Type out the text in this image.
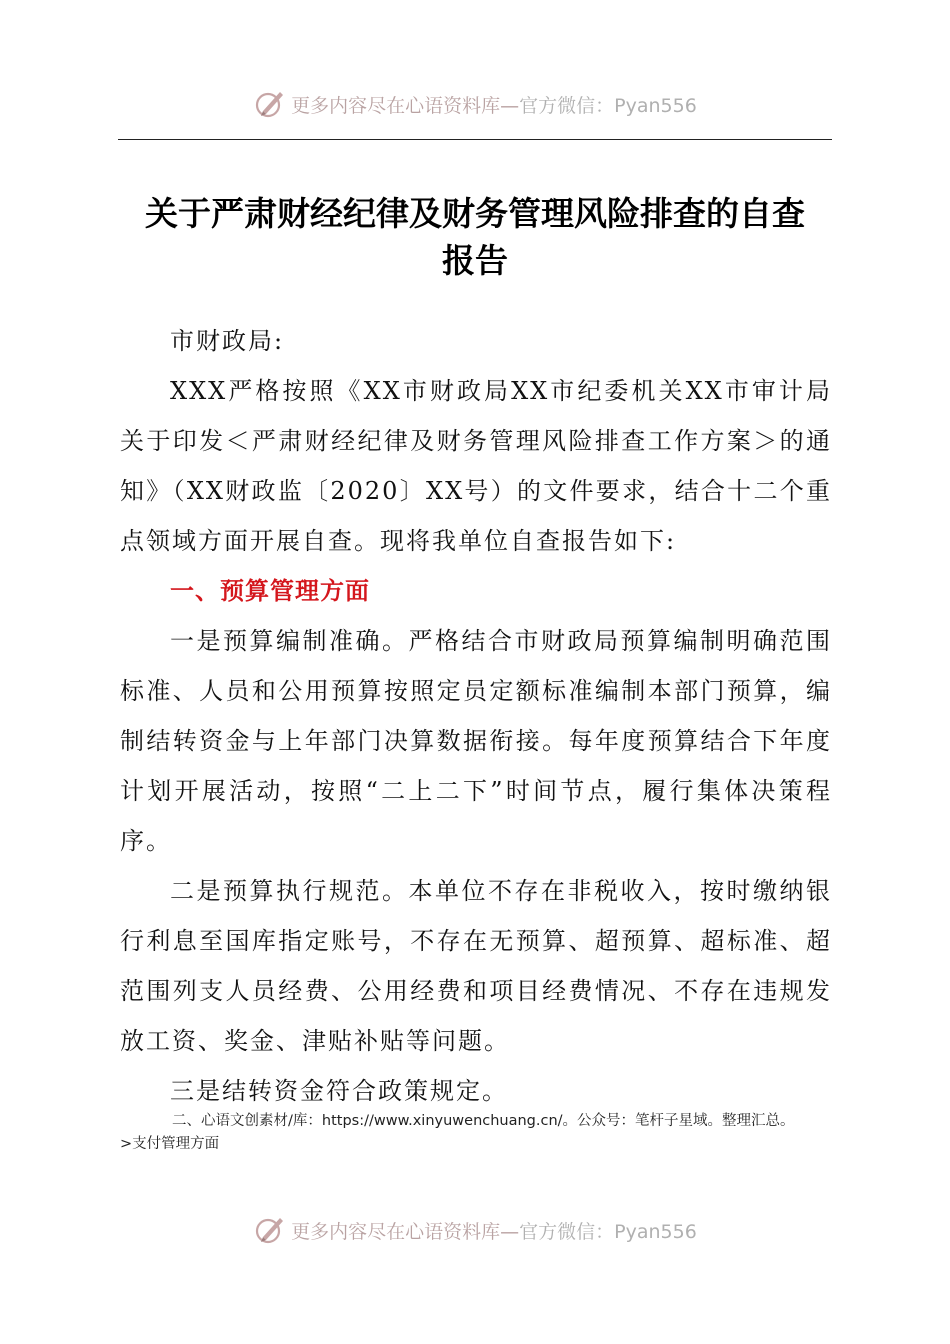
更多内容尽在心语资料库— 官方微信：Pyan556
关于严肃财经纪律及财务管理风险排查的自查
报告

市财政局:

XXX严格按照《XX市财政局XX市纪委机关XX市审计局关于印发＜严肃财经纪律及财务管理风险排查工作方案＞的通知》（XX财政监〔2020〕XX号）的文件要求，结合十二个重点领域方面开展自查。现将我单位自查报告如下:

一、预算管理方面

一是预算编制准确。严格结合市财政局预算编制明确范围标准、人员和公用预算按照定员定额标准编制本部门预算，编制结转资金与上年部门决算数据衔接。每年度预算结合下年度计划开展活动，按照“二上二下”时间节点，履行集体决策程序。

二是预算执行规范。本单位不存在非税收入，按时缴纳银行利息至国库指定账号，不存在无预算、超预算、超标准、超范围列支人员经费、公用经费和项目经费情况、不存在违规发放工资、奖金、津贴补贴等问题。

三是结转资金符合政策规定。

二、心语文创素材/库：https://www.xinyuwenchuang.cn/。公众号：笔杆子星域。整理汇总。
>支付管理方面
更多内容尽在心语资料库— 官方微信：Pyan556
